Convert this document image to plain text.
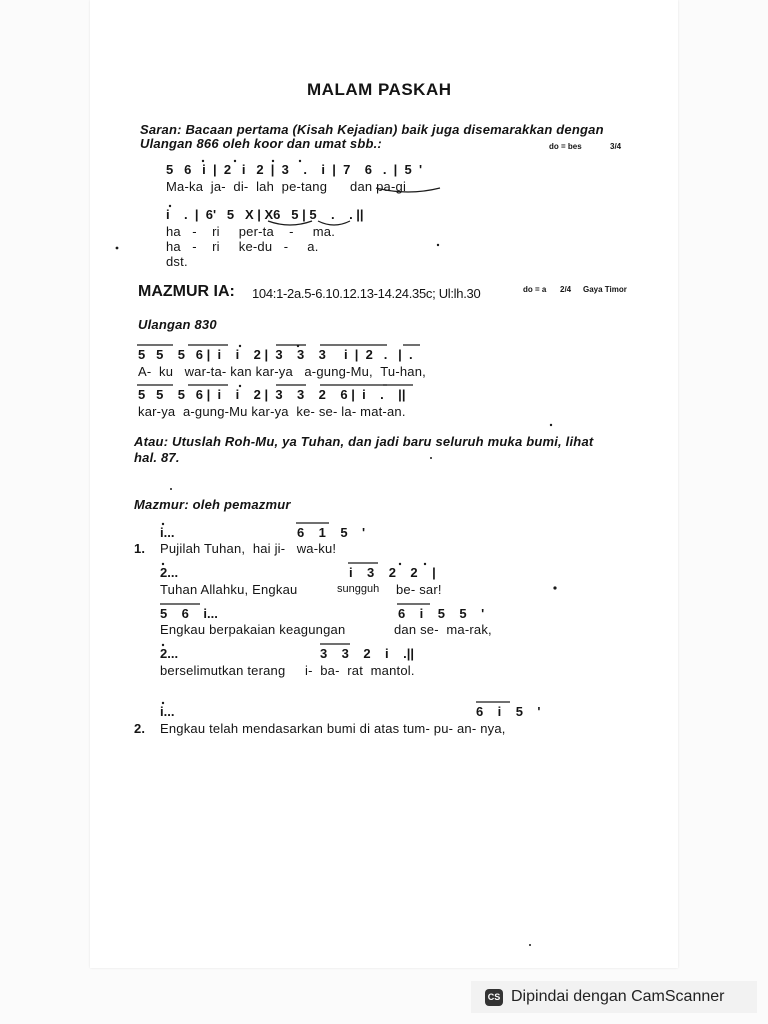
MALAM PASKAH
Saran: Bacaan pertama (Kisah Kejadian) baik juga disemarakkan dengan
Ulangan 866 oleh koor dan umat sbb.:	do = bes	3/4
5   6   i  |  2   i   2  |  3    .    i  |  7    6   .  |  5  '
Ma-ka  ja-  di-  lah  pe-tang      dan pa-gi
i    .  |  6'   5   X | X6   5 | 5    .    . ||
ha   -    ri     per-ta    -     ma.
ha   -    ri     ke-du   -     a.
dst.
MAZMUR IA: 104:1-2a.5-6.10.12.13-14.24.35c; Ul:lh.30	do = a 2/4 Gaya Timor
Ulangan 830
5   5    5   6 |  i    i    2 |  3    3    3     i  |  2   .   |  .
A-  ku   war-ta- kan kar-ya   a-gung-Mu,  Tu-han,
5   5    5   6 |  i    i    2 |  3    3    2    6 |  i    .    ||
kar-ya  a-gung-Mu kar-ya  ke- se- la- mat-an.
Atau: Utuslah Roh-Mu, ya Tuhan, dan jadi baru seluruh muka bumi, lihat
hal. 87.
Mazmur: oleh pemazmur
i...	6    1    5    '
1. Pujilah Tuhan,  hai ji-   wa-ku!
2...	i    3    2    2    |
Tuhan Allahku, Engkau	sungguh be- sar!
5    6    i...	6    i    5    5    '
Engkau berpakaian keagungan	dan se-  ma-rak,
2...	3    3    2    i    .||
berselimutkan terang i-  ba-  rat  mantol.
i...	6    i    5    '
2. Engkau telah mendasarkan bumi di atas tum- pu- an- nya,
CS Dipindai dengan CamScanner
